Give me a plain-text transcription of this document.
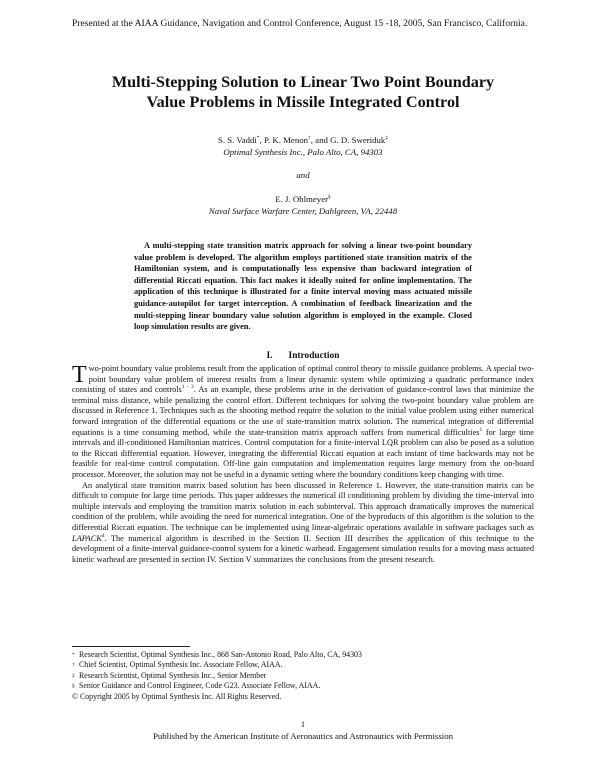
Presented at the AIAA Guidance, Navigation and Control Conference, August 15 -18, 2005, San Francisco, California.
Multi-Stepping Solution to Linear Two Point Boundary
Value Problems in Missile Integrated Control
S. S. Vaddi*, P. K. Menon†, and G. D. Sweriduk‡
Optimal Synthesis Inc., Palo Alto, CA, 94303
and
E. J. Ohlmeyer§
Naval Surface Warfare Center, Dahlgreen, VA, 22448

A multi-stepping state transition matrix approach for solving a linear two-point boundary value problem is developed. The algorithm employs partitioned state transition matrix of the Hamiltonian system, and is computationally less expensive than backward integration of differential Riccati equation. This fact makes it ideally suited for online implementation. The application of this technique is illustrated for a finite interval moving mass actuated missile guidance-autopilot for target interception. A combination of feedback linearization and the multi-stepping linear boundary value solution algorithm is employed in the example. Closed loop simulation results are given.

I. Introduction

Two-point boundary value problems result from the application of optimal control theory to missile guidance problems. A special two-point boundary value problem of interest results from a linear dynamic system while optimizing a quadratic performance index consisting of states and controls$^{1 - 3}$. As an example, these problems arise in the derivation of guidance-control laws that minimize the terminal miss distance, while penalizing the control effort. Different techniques for solving the two-point boundary value problem are discussed in Reference 1. Techniques such as the shooting method require the solution to the initial value problem using either numerical forward integration of the differential equations or the use of state-transition matrix solution. The numerical integration of differential equations is a time consuming method, while the state-transition matrix approach suffers from numerical difficulties$^1$ for large time intervals and ill-conditioned Hamiltonian matrices. Control computation for a finite-interval LQR problem can also be posed as a solution to the Riccati differential equation. However, integrating the differential Riccati equation at each instant of time backwards may not be feasible for real-time control computation. Off-line gain computation and implementation requires large memory from the on-board processor. Moreover, the solution may not be useful in a dynamic setting where the boundary conditions keep changing with time.

An analytical state transition matrix based solution has been discussed in Reference 1. However, the state-transition matrix can be difficult to compute for large time periods. This paper addresses the numerical ill conditioning problem by dividing the time-interval into multiple intervals and employing the transition matrix solution in each subinterval. This approach dramatically improves the numerical condition of the problem, while avoiding the need for numerical integration. One of the byproducts of this algorithm is the solution to the differential Riccati equation. The technique can be implemented using linear-algebraic operations available in software packages such as LAPACK$^4$. The numerical algorithm is described in the Section II. Section III describes the application of this technique to the development of a finite-interval guidance-control system for a kinetic warhead. Engagement simulation results for a moving mass actuated kinetic warhead are presented in section IV. Section V summarizes the conclusions from the present research.

* Research Scientist, Optimal Synthesis Inc., 868 San-Antonio Road, Palo Alto, CA, 94303
† Chief Scientist, Optimal Synthesis Inc. Associate Fellow, AIAA.
‡ Research Scientist, Optimal Synthesis Inc., Senior Member
§ Senior Guidance and Control Engineer, Code G23. Associate Fellow, AIAA.
© Copyright 2005 by Optimal Synthesis Inc. All Rights Reserved.
1
Published by the American Institute of Aeronautics and Astronautics with Permission
